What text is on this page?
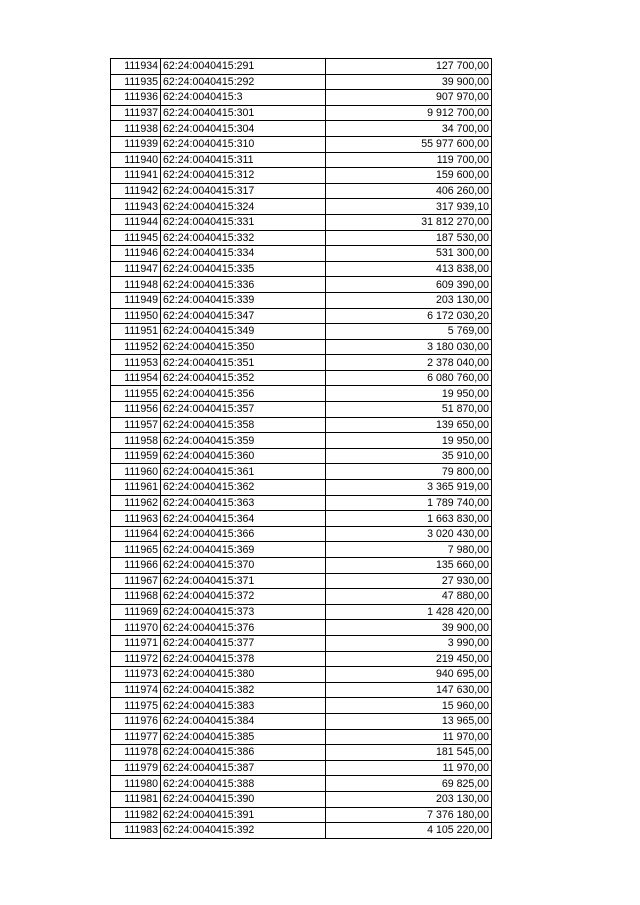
111934	62:24:0040415:291	127 700,00
111935	62:24:0040415:292	39 900,00
111936	62:24:0040415:3	907 970,00
111937	62:24:0040415:301	9 912 700,00
111938	62:24:0040415:304	34 700,00
111939	62:24:0040415:310	55 977 600,00
111940	62:24:0040415:311	119 700,00
111941	62:24:0040415:312	159 600,00
111942	62:24:0040415:317	406 260,00
111943	62:24:0040415:324	317 939,10
111944	62:24:0040415:331	31 812 270,00
111945	62:24:0040415:332	187 530,00
111946	62:24:0040415:334	531 300,00
111947	62:24:0040415:335	413 838,00
111948	62:24:0040415:336	609 390,00
111949	62:24:0040415:339	203 130,00
111950	62:24:0040415:347	6 172 030,20
111951	62:24:0040415:349	5 769,00
111952	62:24:0040415:350	3 180 030,00
111953	62:24:0040415:351	2 378 040,00
111954	62:24:0040415:352	6 080 760,00
111955	62:24:0040415:356	19 950,00
111956	62:24:0040415:357	51 870,00
111957	62:24:0040415:358	139 650,00
111958	62:24:0040415:359	19 950,00
111959	62:24:0040415:360	35 910,00
111960	62:24:0040415:361	79 800,00
111961	62:24:0040415:362	3 365 919,00
111962	62:24:0040415:363	1 789 740,00
111963	62:24:0040415:364	1 663 830,00
111964	62:24:0040415:366	3 020 430,00
111965	62:24:0040415:369	7 980,00
111966	62:24:0040415:370	135 660,00
111967	62:24:0040415:371	27 930,00
111968	62:24:0040415:372	47 880,00
111969	62:24:0040415:373	1 428 420,00
111970	62:24:0040415:376	39 900,00
111971	62:24:0040415:377	3 990,00
111972	62:24:0040415:378	219 450,00
111973	62:24:0040415:380	940 695,00
111974	62:24:0040415:382	147 630,00
111975	62:24:0040415:383	15 960,00
111976	62:24:0040415:384	13 965,00
111977	62:24:0040415:385	11 970,00
111978	62:24:0040415:386	181 545,00
111979	62:24:0040415:387	11 970,00
111980	62:24:0040415:388	69 825,00
111981	62:24:0040415:390	203 130,00
111982	62:24:0040415:391	7 376 180,00
111983	62:24:0040415:392	4 105 220,00
